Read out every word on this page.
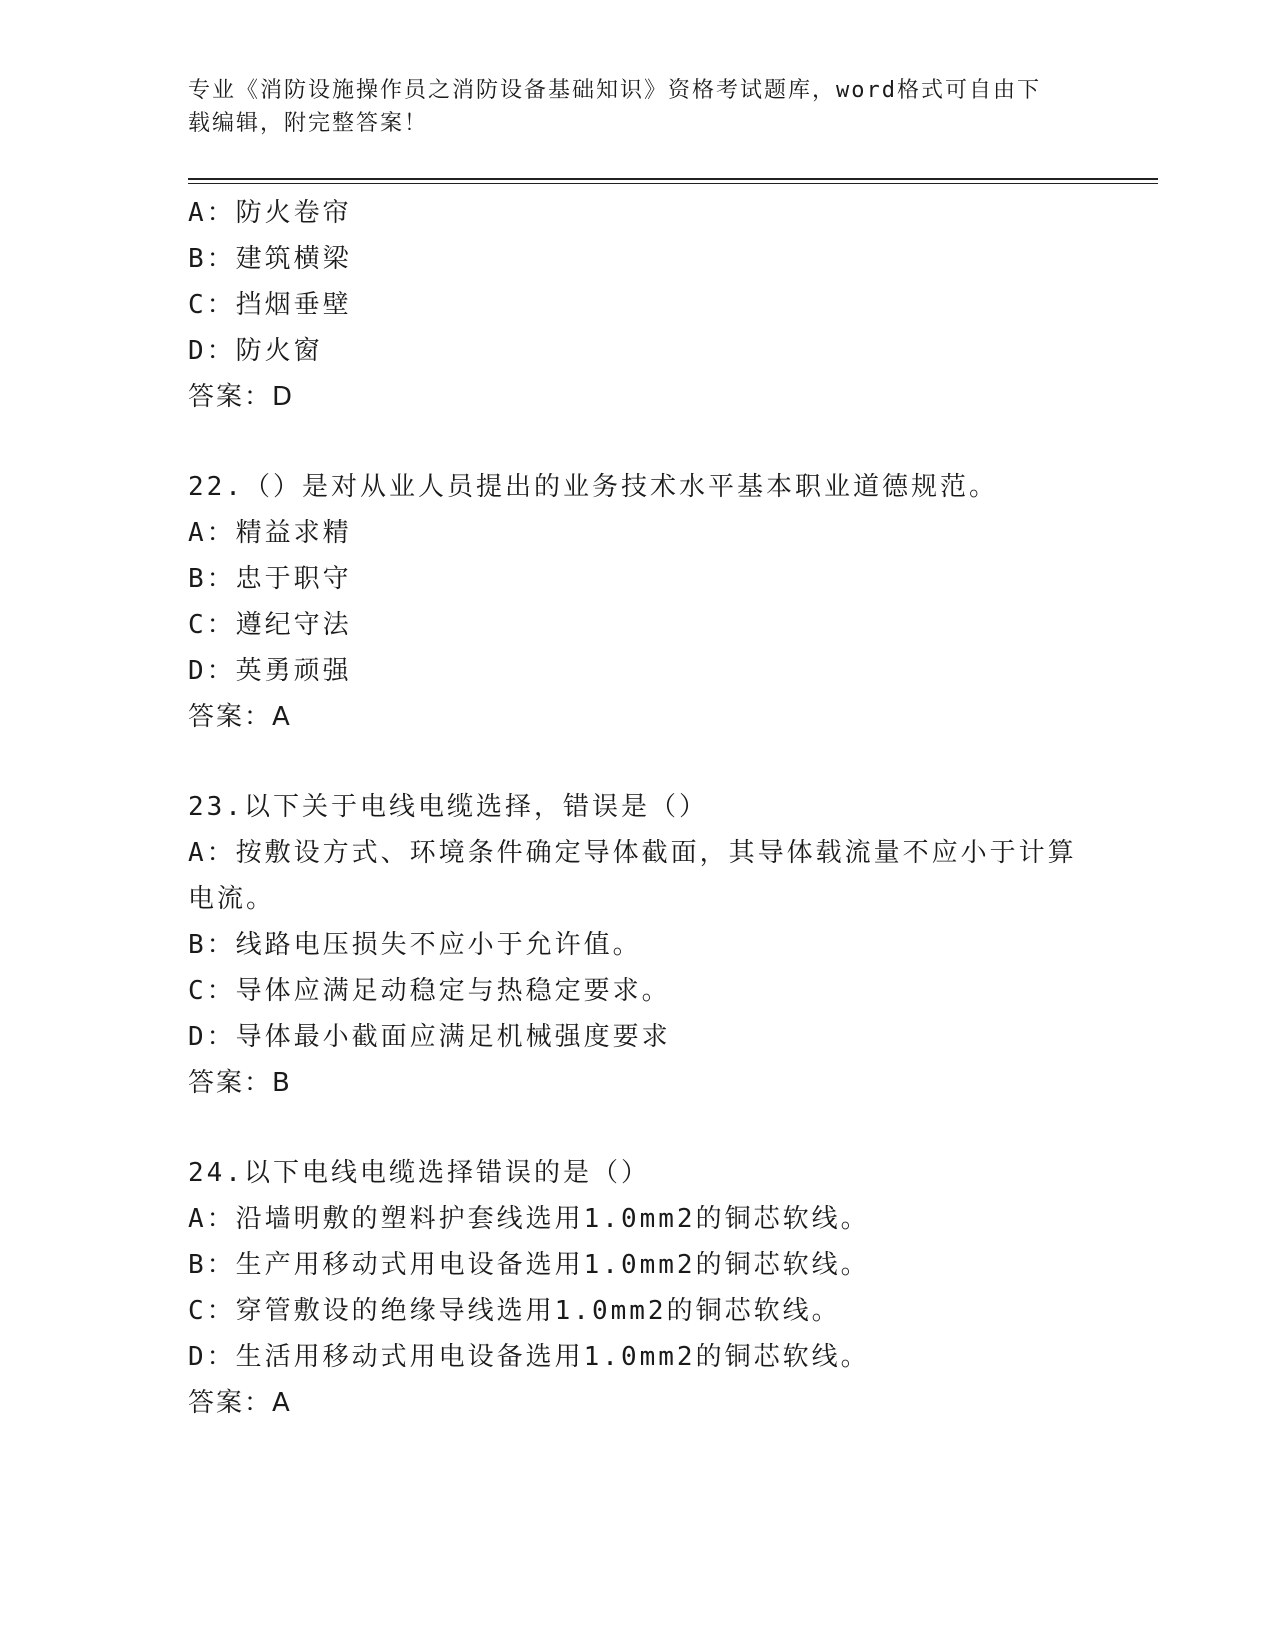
专业《消防设施操作员之消防设备基础知识》资格考试题库，word格式可自由下
载编辑，附完整答案！
A：防火卷帘
B：建筑横梁
C：挡烟垂壁
D：防火窗
答案：D
22.（）是对从业人员提出的业务技术水平基本职业道德规范。
A：精益求精
B：忠于职守
C：遵纪守法
D：英勇顽强
答案：A
23.以下关于电线电缆选择，错误是（）
A：按敷设方式、环境条件确定导体截面，其导体载流量不应小于计算电流。
B：线路电压损失不应小于允许值。
C：导体应满足动稳定与热稳定要求。
D：导体最小截面应满足机械强度要求
答案：B
24.以下电线电缆选择错误的是（）
A：沿墙明敷的塑料护套线选用1.0mm2的铜芯软线。
B：生产用移动式用电设备选用1.0mm2的铜芯软线。
C：穿管敷设的绝缘导线选用1.0mm2的铜芯软线。
D：生活用移动式用电设备选用1.0mm2的铜芯软线。
答案：A
